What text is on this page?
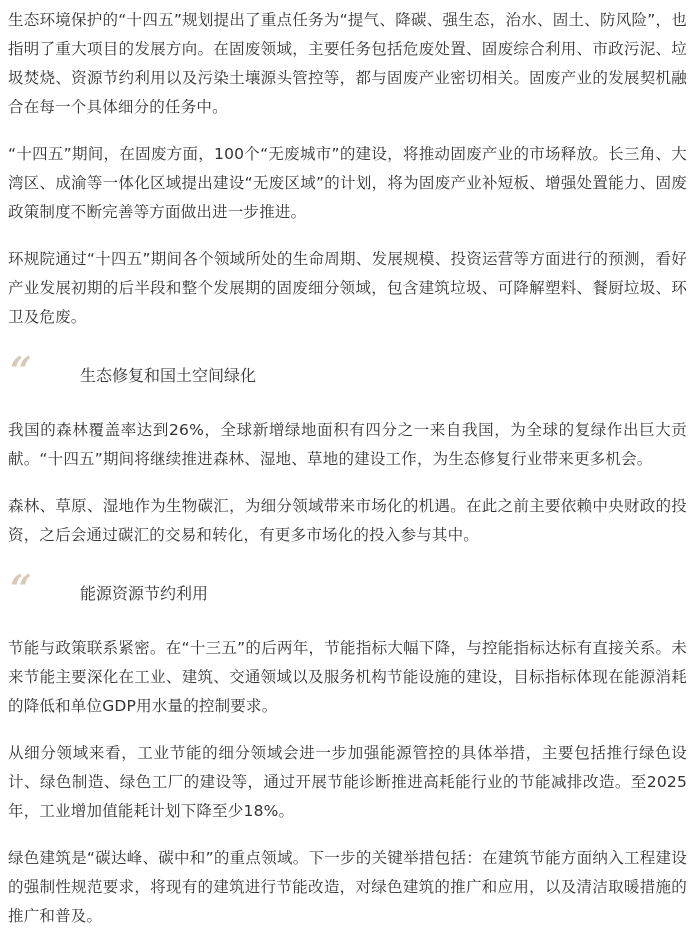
生态环境保护的“十四五”规划提出了重点任务为“提气、降碳、强生态，治水、固土、防风险”，也指明了重大项目的发展方向。在固废领域，主要任务包括危废处置、固废综合利用、市政污泥、垃圾焚烧、资源节约利用以及污染土壤源头管控等，都与固废产业密切相关。固废产业的发展契机融合在每一个具体细分的任务中。

“十四五”期间，在固废方面，100个“无废城市”的建设，将推动固废产业的市场释放。长三角、大湾区、成渝等一体化区域提出建设“无废区域”的计划，将为固废产业补短板、增强处置能力、固废政策制度不断完善等方面做出进一步推进。

环规院通过“十四五”期间各个领域所处的生命周期、发展规模、投资运营等方面进行的预测，看好产业发展初期的后半段和整个发展期的固废细分领域，包含建筑垃圾、可降解塑料、餐厨垃圾、环卫及危废。

“	生态修复和国土空间绿化

我国的森林覆盖率达到26%，全球新增绿地面积有四分之一来自我国，为全球的复绿作出巨大贡献。“十四五”期间将继续推进森林、湿地、草地的建设工作，为生态修复行业带来更多机会。

森林、草原、湿地作为生物碳汇，为细分领域带来市场化的机遇。在此之前主要依赖中央财政的投资，之后会通过碳汇的交易和转化，有更多市场化的投入参与其中。

“	能源资源节约利用

节能与政策联系紧密。在“十三五”的后两年，节能指标大幅下降，与控能指标达标有直接关系。未来节能主要深化在工业、建筑、交通领域以及服务机构节能设施的建设，目标指标体现在能源消耗的降低和单位GDP用水量的控制要求。

从细分领域来看，工业节能的细分领域会进一步加强能源管控的具体举措，主要包括推行绿色设计、绿色制造、绿色工厂的建设等，通过开展节能诊断推进高耗能行业的节能减排改造。至2025年，工业增加值能耗计划下降至少18%。

绿色建筑是“碳达峰、碳中和”的重点领域。下一步的关键举措包括：在建筑节能方面纳入工程建设的强制性规范要求，将现有的建筑进行节能改造，对绿色建筑的推广和应用，以及清洁取暖措施的推广和普及。
